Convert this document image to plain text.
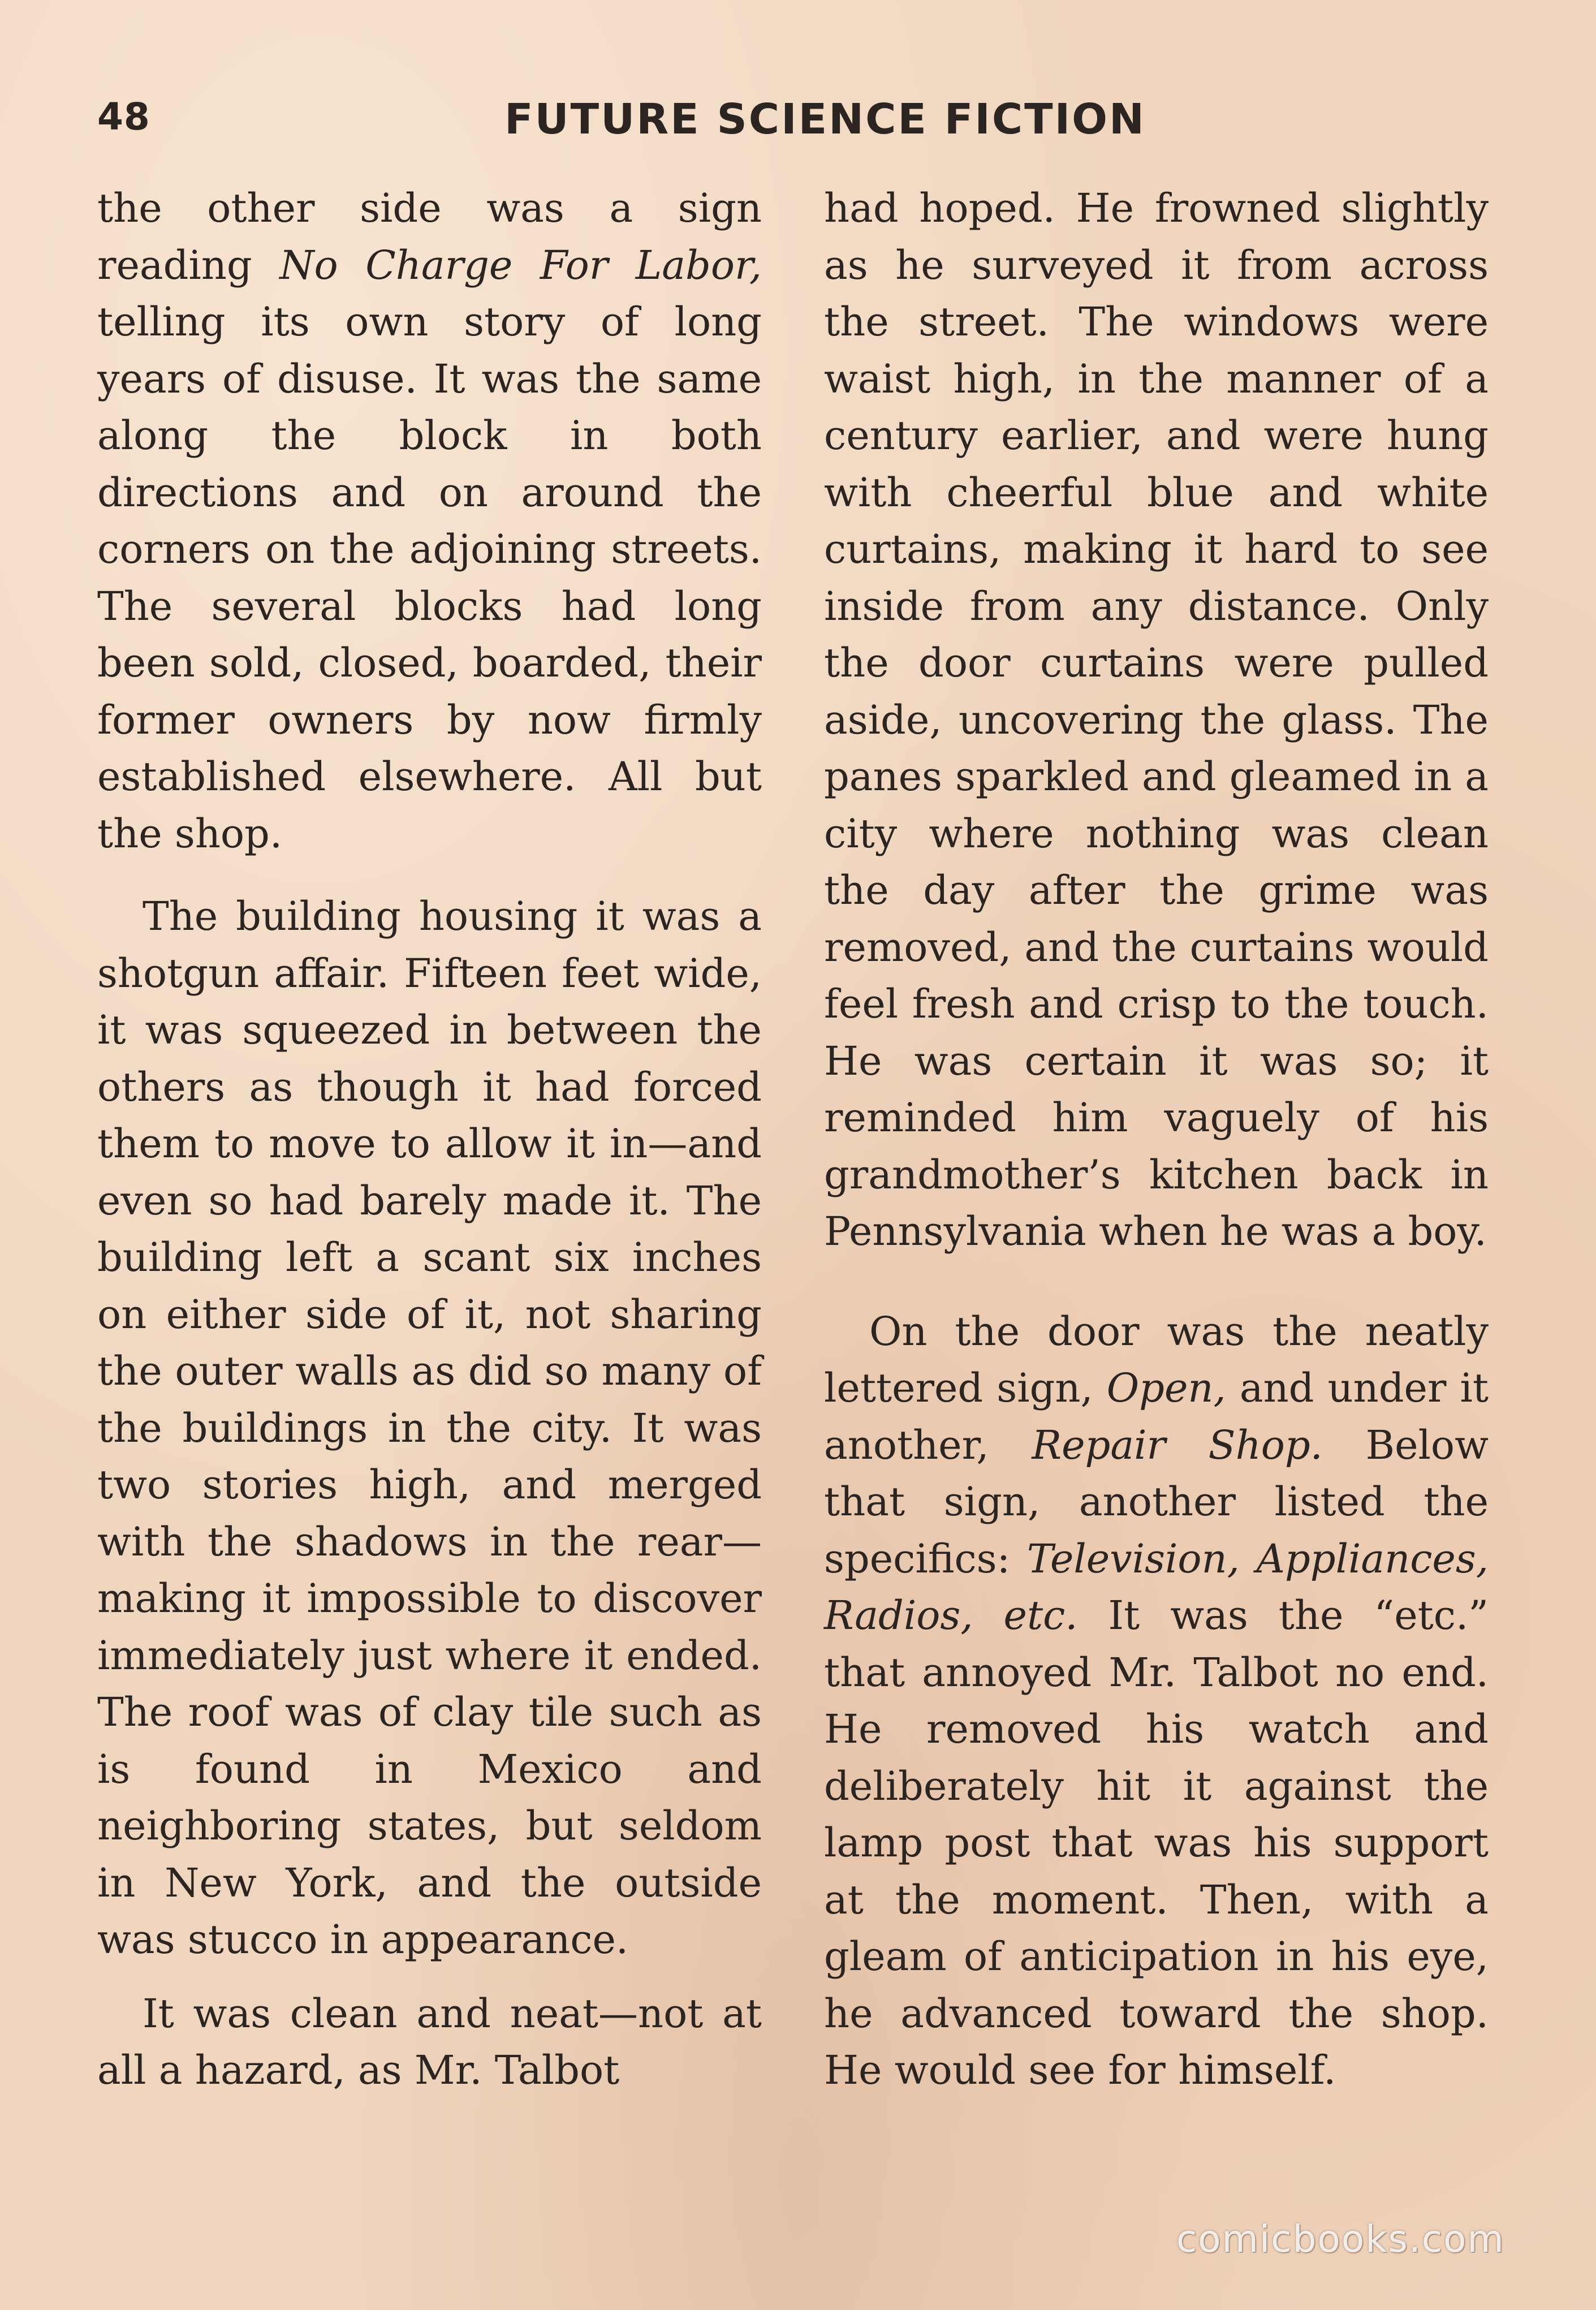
48	FUTURE SCIENCE FICTION

the other side was a sign reading No Charge For Labor, telling its own story of long years of disuse. It was the same along the block in both directions and on around the corners on the adjoining streets. The several blocks had long been sold, closed, boarded, their former owners by now firmly established elsewhere. All but the shop.

The building housing it was a shotgun affair. Fifteen feet wide, it was squeezed in between the others as though it had forced them to move to allow it in—and even so had barely made it. The building left a scant six inches on either side of it, not sharing the outer walls as did so many of the buildings in the city. It was two stories high, and merged with the shadows in the rear—making it impossible to discover immediately just where it ended. The roof was of clay tile such as is found in Mexico and neighboring states, but seldom in New York, and the outside was stucco in appearance.

It was clean and neat—not at all a hazard, as Mr. Talbot

had hoped. He frowned slightly as he surveyed it from across the street. The windows were waist high, in the manner of a century earlier, and were hung with cheerful blue and white curtains, making it hard to see inside from any distance. Only the door curtains were pulled aside, uncovering the glass. The panes sparkled and gleamed in a city where nothing was clean the day after the grime was removed, and the curtains would feel fresh and crisp to the touch. He was certain it was so; it reminded him vaguely of his grandmother’s kitchen back in Pennsylvania when he was a boy.

On the door was the neatly lettered sign, Open, and under it another, Repair Shop. Below that sign, another listed the specifics: Television, Appliances, Radios, etc. It was the “etc.” that annoyed Mr. Talbot no end. He removed his watch and deliberately hit it against the lamp post that was his support at the moment. Then, with a gleam of anticipation in his eye, he advanced toward the shop. He would see for himself.

comicbooks.com
